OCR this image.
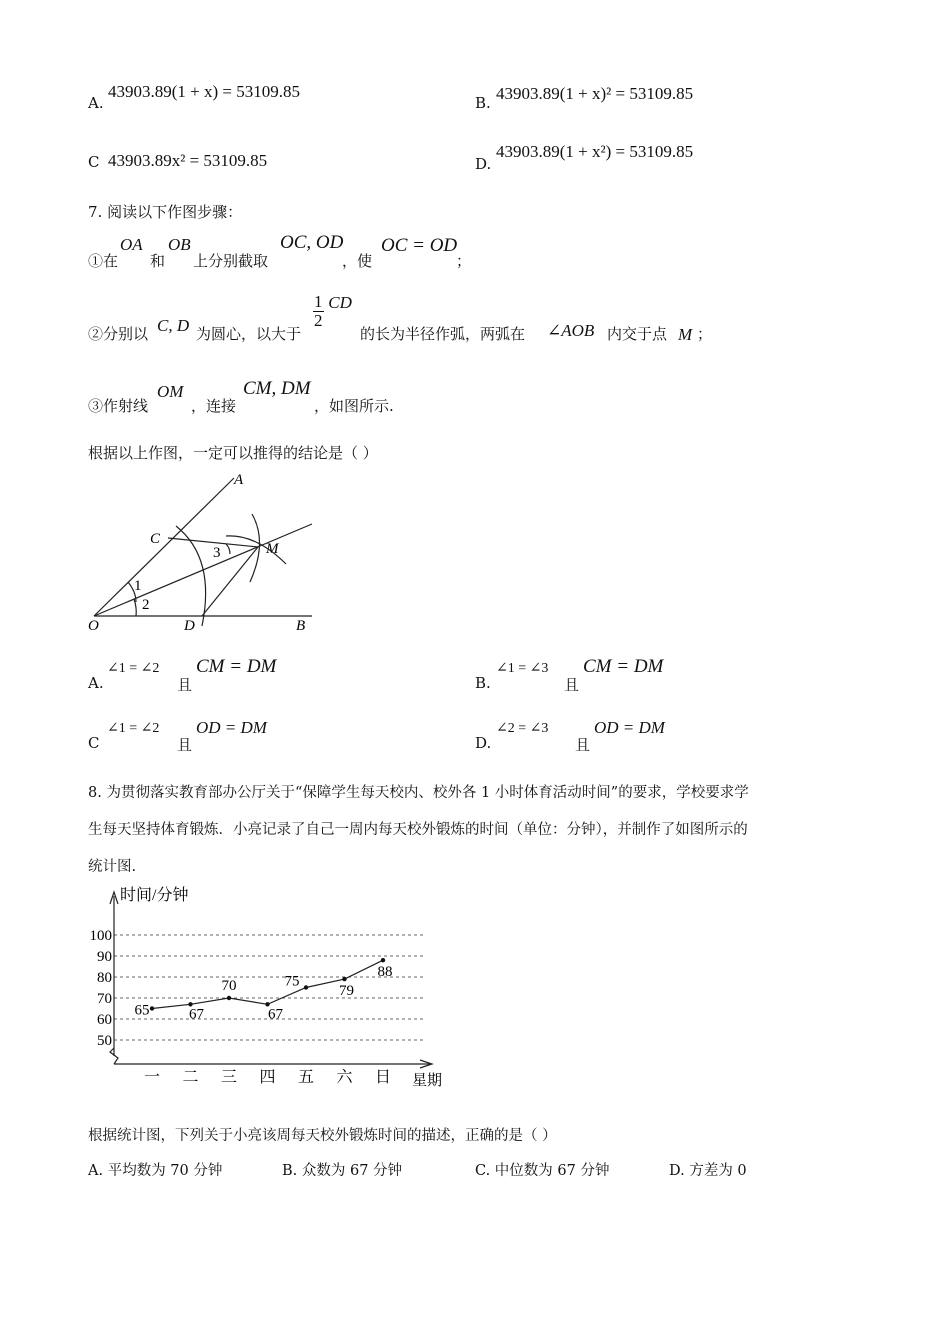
A.
43903.89(1 + x) = 53109.85
B. 43903.89(1 + x)² = 53109.85
C 43903.89x² = 53109.85	D.
43903.89(1 + x²) = 53109.85
7. 阅读以下作图步骤：
①在
OA
和
OB
上分别截取
OC, OD
，使
OC = OD
；
②分别以 C, D 为圆心，以大于
$\frac{1}{2}$ CD
的长为半径作弧，两弧在 ∠AOB 内交于点 M ；
③作射线
OM
，连接
CM, DM
，如图所示.
根据以上作图，一定可以推得的结论是（ ）
A
C
M
O	D	B
1
2
3
A.
∠1 = ∠2
且
CM = DM
B.
∠1 = ∠3
且
CM = DM
C
∠1 = ∠2
且
OD = DM
D.
∠2 = ∠3
且
OD = DM
8. 为贯彻落实教育部办公厅关于“保障学生每天校内、校外各 1 小时体育活动时间”的要求，学校要求学
生每天坚持体育锻炼．小亮记录了自己一周内每天校外锻炼的时间（单位：分钟），并制作了如图所示的
统计图.
50
60
70
80
90
100
一 二 三 四 五 六 日
65	67
70
67
75
79
88
时间/分钟
星期
根据统计图，下列关于小亮该周每天校外锻炼时间的描述，正确的是（ ）
A. 平均数为 70 分钟	B. 众数为 67 分钟	C. 中位数为 67 分钟	D. 方差为 0
